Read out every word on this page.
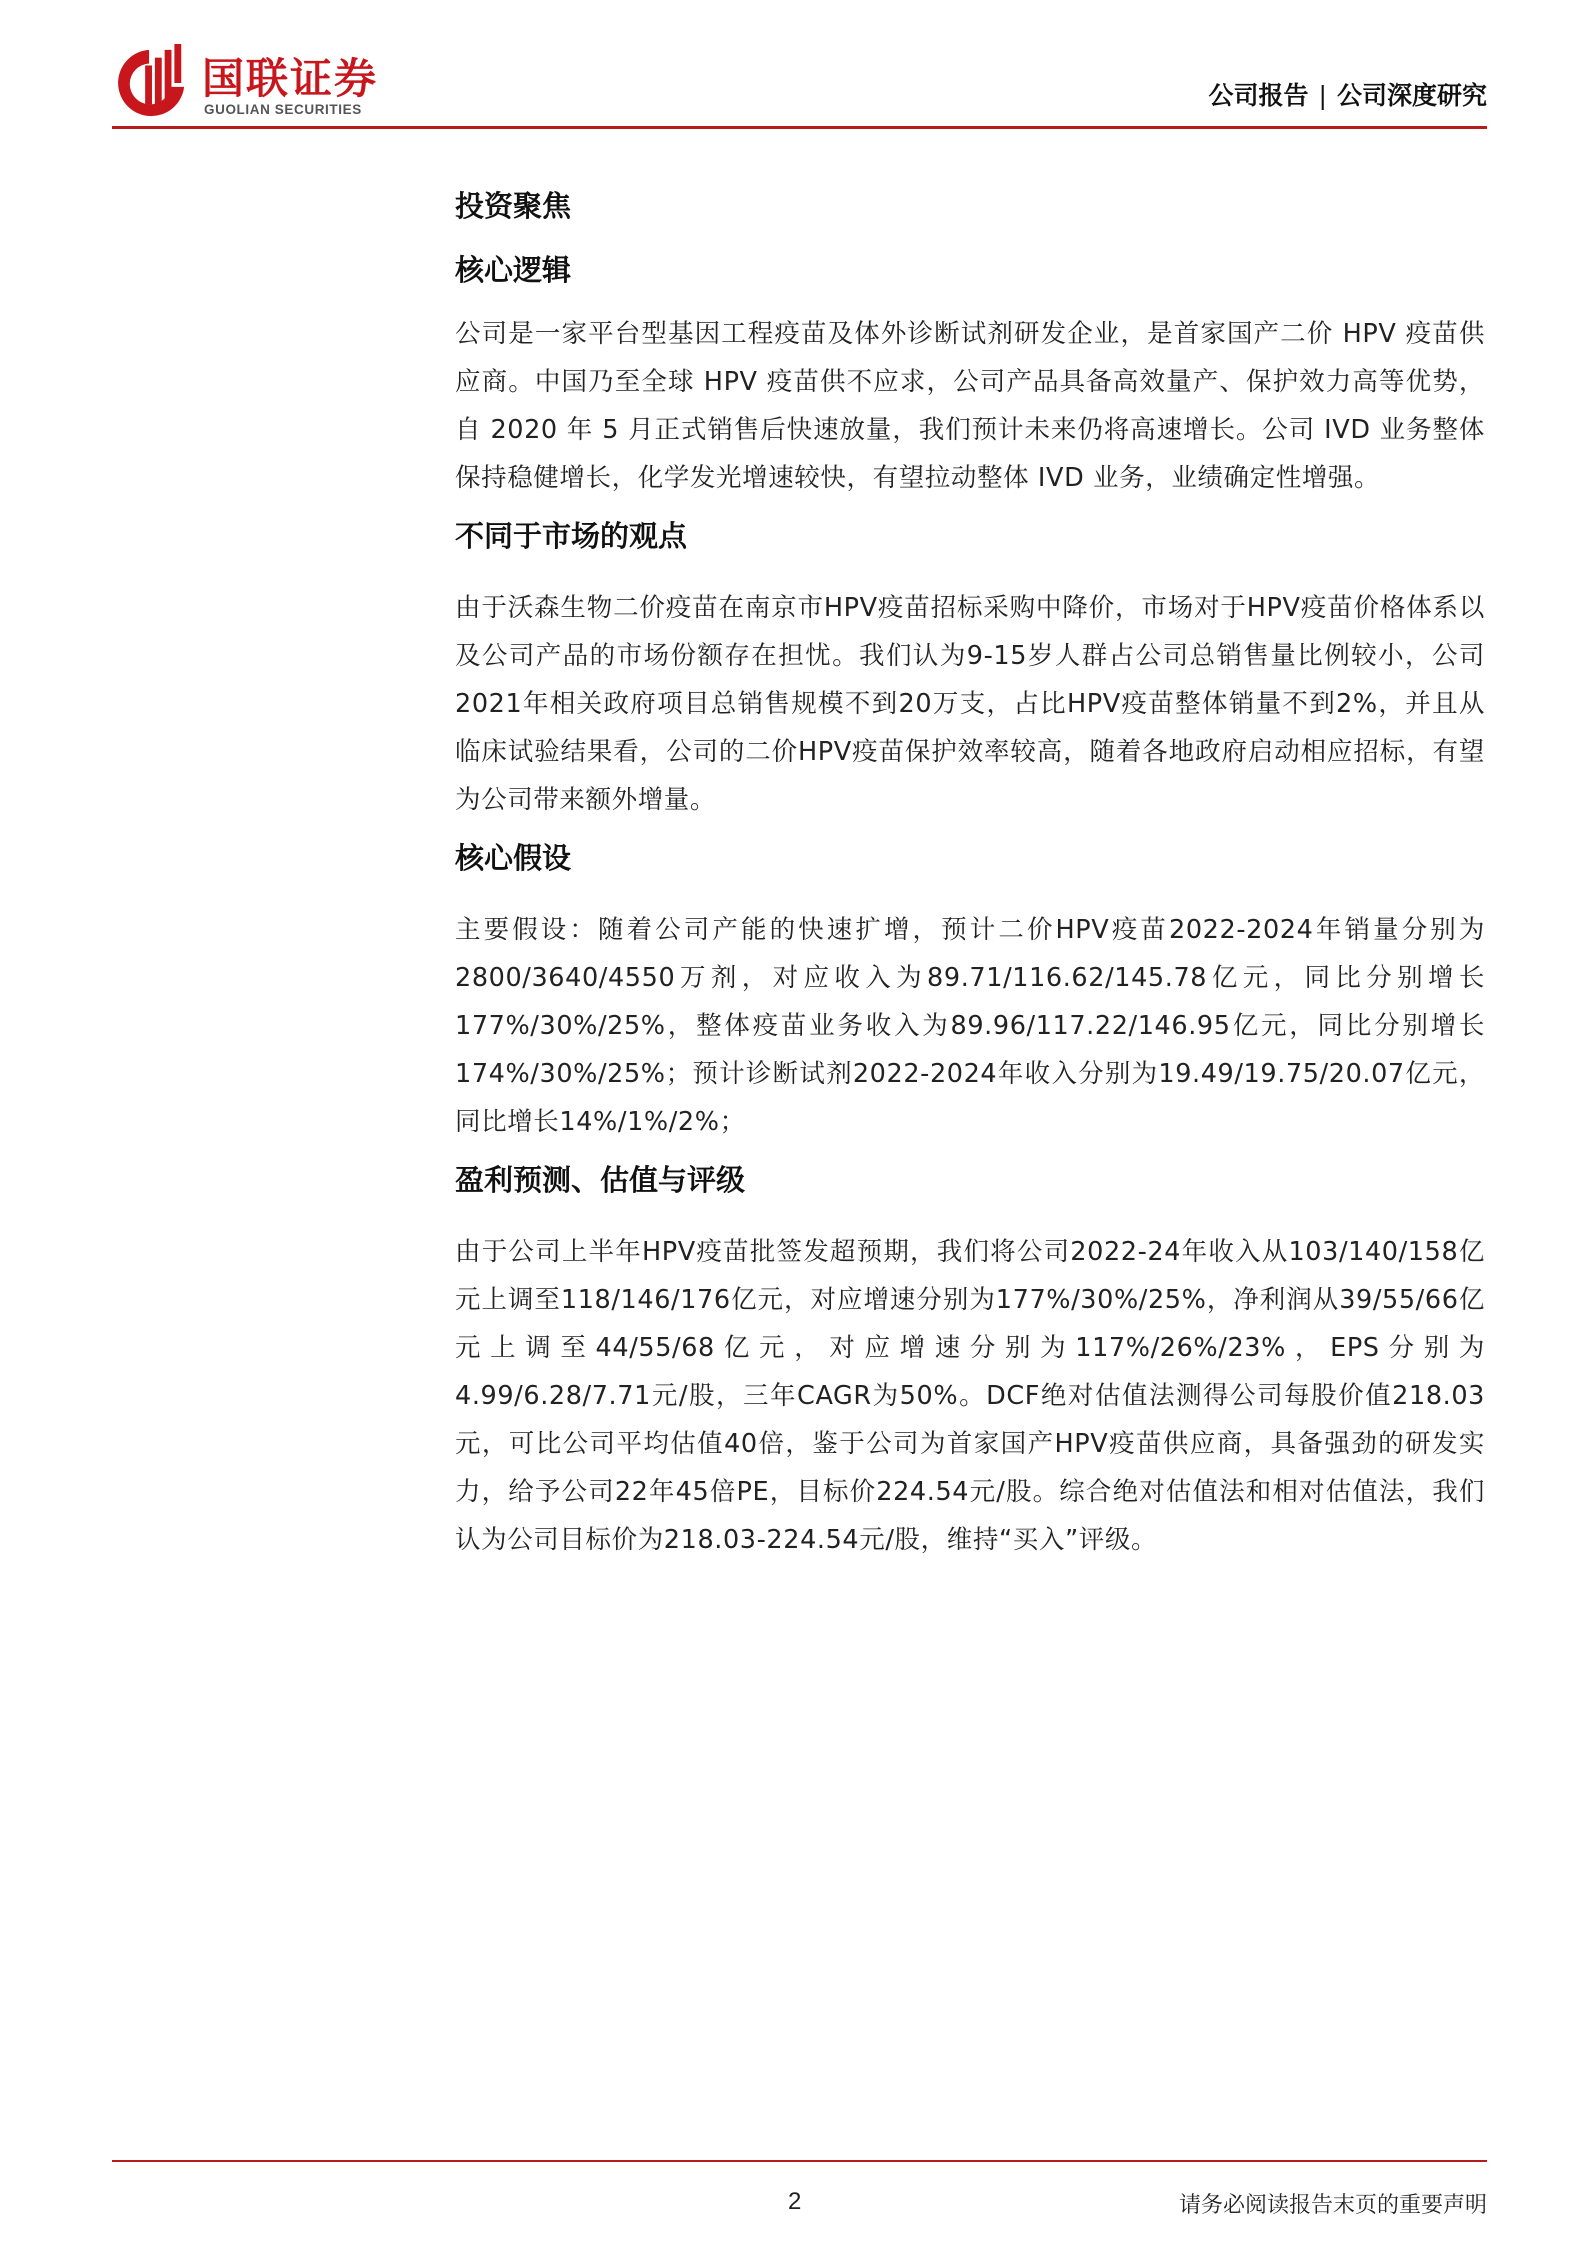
国联证券
GUOLIAN SECURITIES	公司报告 | 公司深度研究
投资聚焦
核心逻辑

公司是一家平台型基因工程疫苗及体外诊断试剂研发企业，是首家国产二价 HPV 疫苗供应商。中国乃至全球 HPV 疫苗供不应求，公司产品具备高效量产、保护效力高等优势，自 2020 年 5 月正式销售后快速放量，我们预计未来仍将高速增长。公司 IVD 业务整体保持稳健增长，化学发光增速较快，有望拉动整体 IVD 业务，业绩确定性增强。

不同于市场的观点

由于沃森生物二价疫苗在南京市HPV疫苗招标采购中降价，市场对于HPV疫苗价格体系以及公司产品的市场份额存在担忧。我们认为9-15岁人群占公司总销售量比例较小，公司2021年相关政府项目总销售规模不到20万支，占比HPV疫苗整体销量不到2%，并且从临床试验结果看，公司的二价HPV疫苗保护效率较高，随着各地政府启动相应招标，有望为公司带来额外增量。

核心假设

主要假设：随着公司产能的快速扩增，预计二价HPV疫苗2022-2024年销量分别为2800/3640/4550万剂，对应收入为89.71/116.62/145.78亿元，同比分别增长177%/30%/25%，整体疫苗业务收入为89.96/117.22/146.95亿元，同比分别增长174%/30%/25%；预计诊断试剂2022-2024年收入分别为19.49/19.75/20.07亿元，同比增长14%/1%/2%；

盈利预测、估值与评级

由于公司上半年HPV疫苗批签发超预期，我们将公司2022-24年收入从103/140/158亿元上调至118/146/176亿元，对应增速分别为177%/30%/25%，净利润从39/55/66亿元上调至44/55/68亿元，对应增速分别为117%/26%/23%，EPS分别为4.99/6.28/7.71元/股，三年CAGR为50%。DCF绝对估值法测得公司每股价值218.03元，可比公司平均估值40倍，鉴于公司为首家国产HPV疫苗供应商，具备强劲的研发实力，给予公司22年45倍PE，目标价224.54元/股。综合绝对估值法和相对估值法，我们认为公司目标价为218.03-224.54元/股，维持“买入”评级。

2	请务必阅读报告末页的重要声明
